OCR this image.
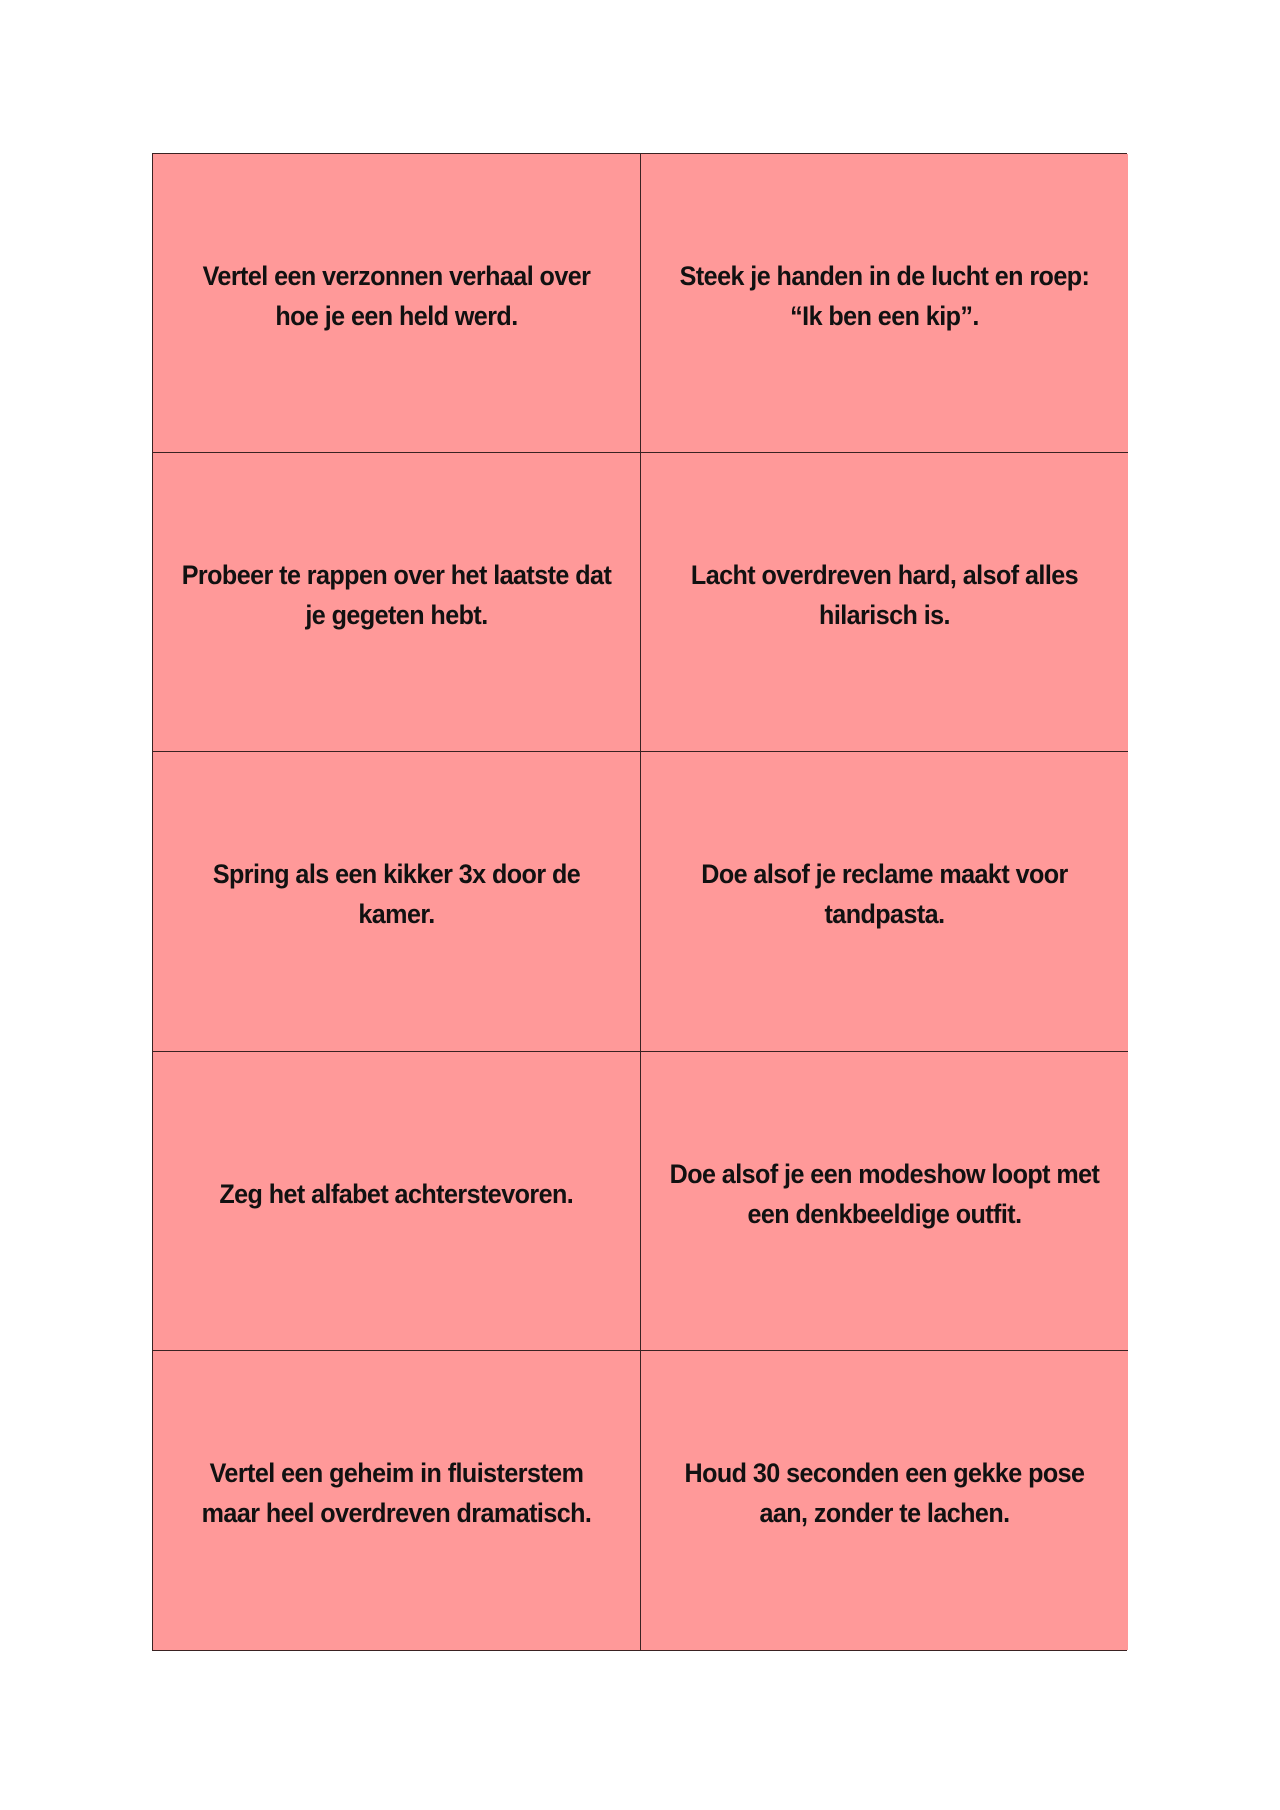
Vertel een verzonnen verhaal over hoe je een held werd.
Steek je handen in de lucht en roep: “Ik ben een kip”.
Probeer te rappen over het laatste dat je gegeten hebt.
Lacht overdreven hard, alsof alles hilarisch is.
Spring als een kikker 3x door de kamer.
Doe alsof je reclame maakt voor tandpasta.
Zeg het alfabet achterstevoren.
Doe alsof je een modeshow loopt met een denkbeeldige outfit.
Vertel een geheim in fluisterstem maar heel overdreven dramatisch.
Houd 30 seconden een gekke pose aan, zonder te lachen.
